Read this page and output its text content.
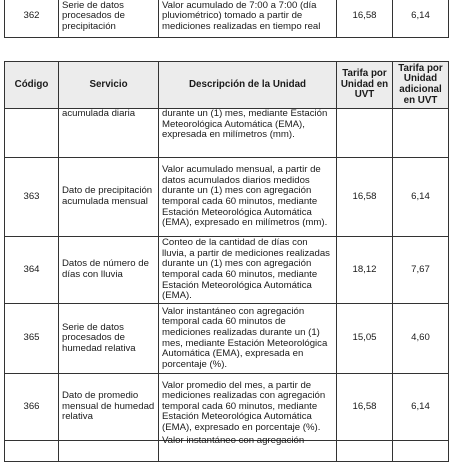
362	Serie de datos procesados de precipitación	Valor acumulado de 7:00 a 7:00 (día pluviométrico) tomado a partir de mediciones realizadas en tiempo real	16,58	6,14
Código	Servicio	Descripción de la Unidad	Tarifa por Unidad en UVT	Tarifa por Unidad adicional en UVT
	acumulada diaria	durante un (1) mes, mediante Estación Meteorológica Automática (EMA), expresada en milímetros (mm).		
363	Dato de precipitación acumulada mensual	Valor acumulado mensual, a partir de datos acumulados diarios medidos durante un (1) mes con agregación temporal cada 60 minutos, mediante Estación Meteorológica Automática (EMA), expresado en milímetros (mm).	16,58	6,14
364	Datos de número de días con lluvia	Conteo de la cantidad de días con lluvia, a partir de mediciones realizadas durante un (1) mes con agregación temporal cada 60 minutos, mediante Estación Meteorológica Automática (EMA).	18,12	7,67
365	Serie de datos procesados de humedad relativa	Valor instantáneo con agregación temporal cada 60 minutos de mediciones realizadas durante un (1) mes, mediante Estación Meteorológica Automática (EMA), expresada en porcentaje (%).	15,05	4,60
366	Dato de promedio mensual de humedad relativa	Valor promedio del mes, a partir de mediciones realizadas con agregación temporal cada 60 minutos, mediante Estación Meteorológica Automática (EMA), expresado en porcentaje (%).	16,58	6,14

		Valor instantáneo con agregación		
